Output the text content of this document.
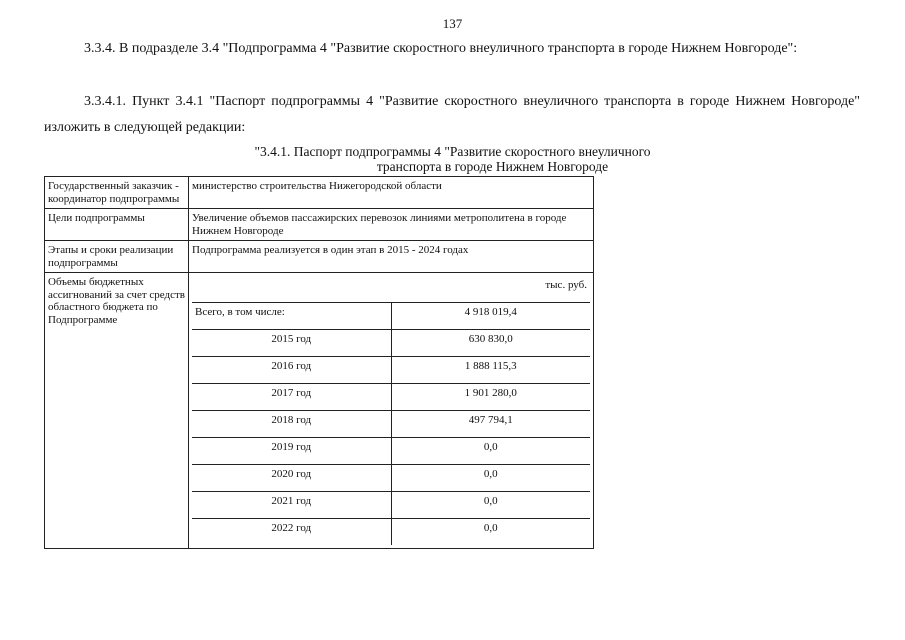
137
3.3.4. В подразделе 3.4 "Подпрограмма 4 "Развитие скоростного внеуличного транспорта в городе Нижнем Новгороде":
3.3.4.1. Пункт 3.4.1 "Паспорт подпрограммы 4 "Развитие скоростного внеуличного транспорта в городе Нижнем Новгороде" изложить в следующей редакции:
"3.4.1. Паспорт подпрограммы 4 "Развитие скоростного внеуличного
транспорта в городе Нижнем Новгороде
Государственный заказчик - координатор подпрограммы	министерство строительства Нижегородской области
Цели подпрограммы	Увеличение объемов пассажирских перевозок линиями метрополитена в городе Нижнем Новгороде
Этапы и сроки реализации подпрограммы	Подпрограмма реализуется в один этап в 2015 - 2024 годах
Объемы бюджетных ассигнований за счет средств областного бюджета по Подпрограмме	
тыс. руб.
Всего, в том числе:	4 918 019,4
2015 год	630 830,0
2016 год	1 888 115,3
2017 год	1 901 280,0
2018 год	497 794,1
2019 год	0,0
2020 год	0,0
2021 год	0,0
2022 год	0,0
